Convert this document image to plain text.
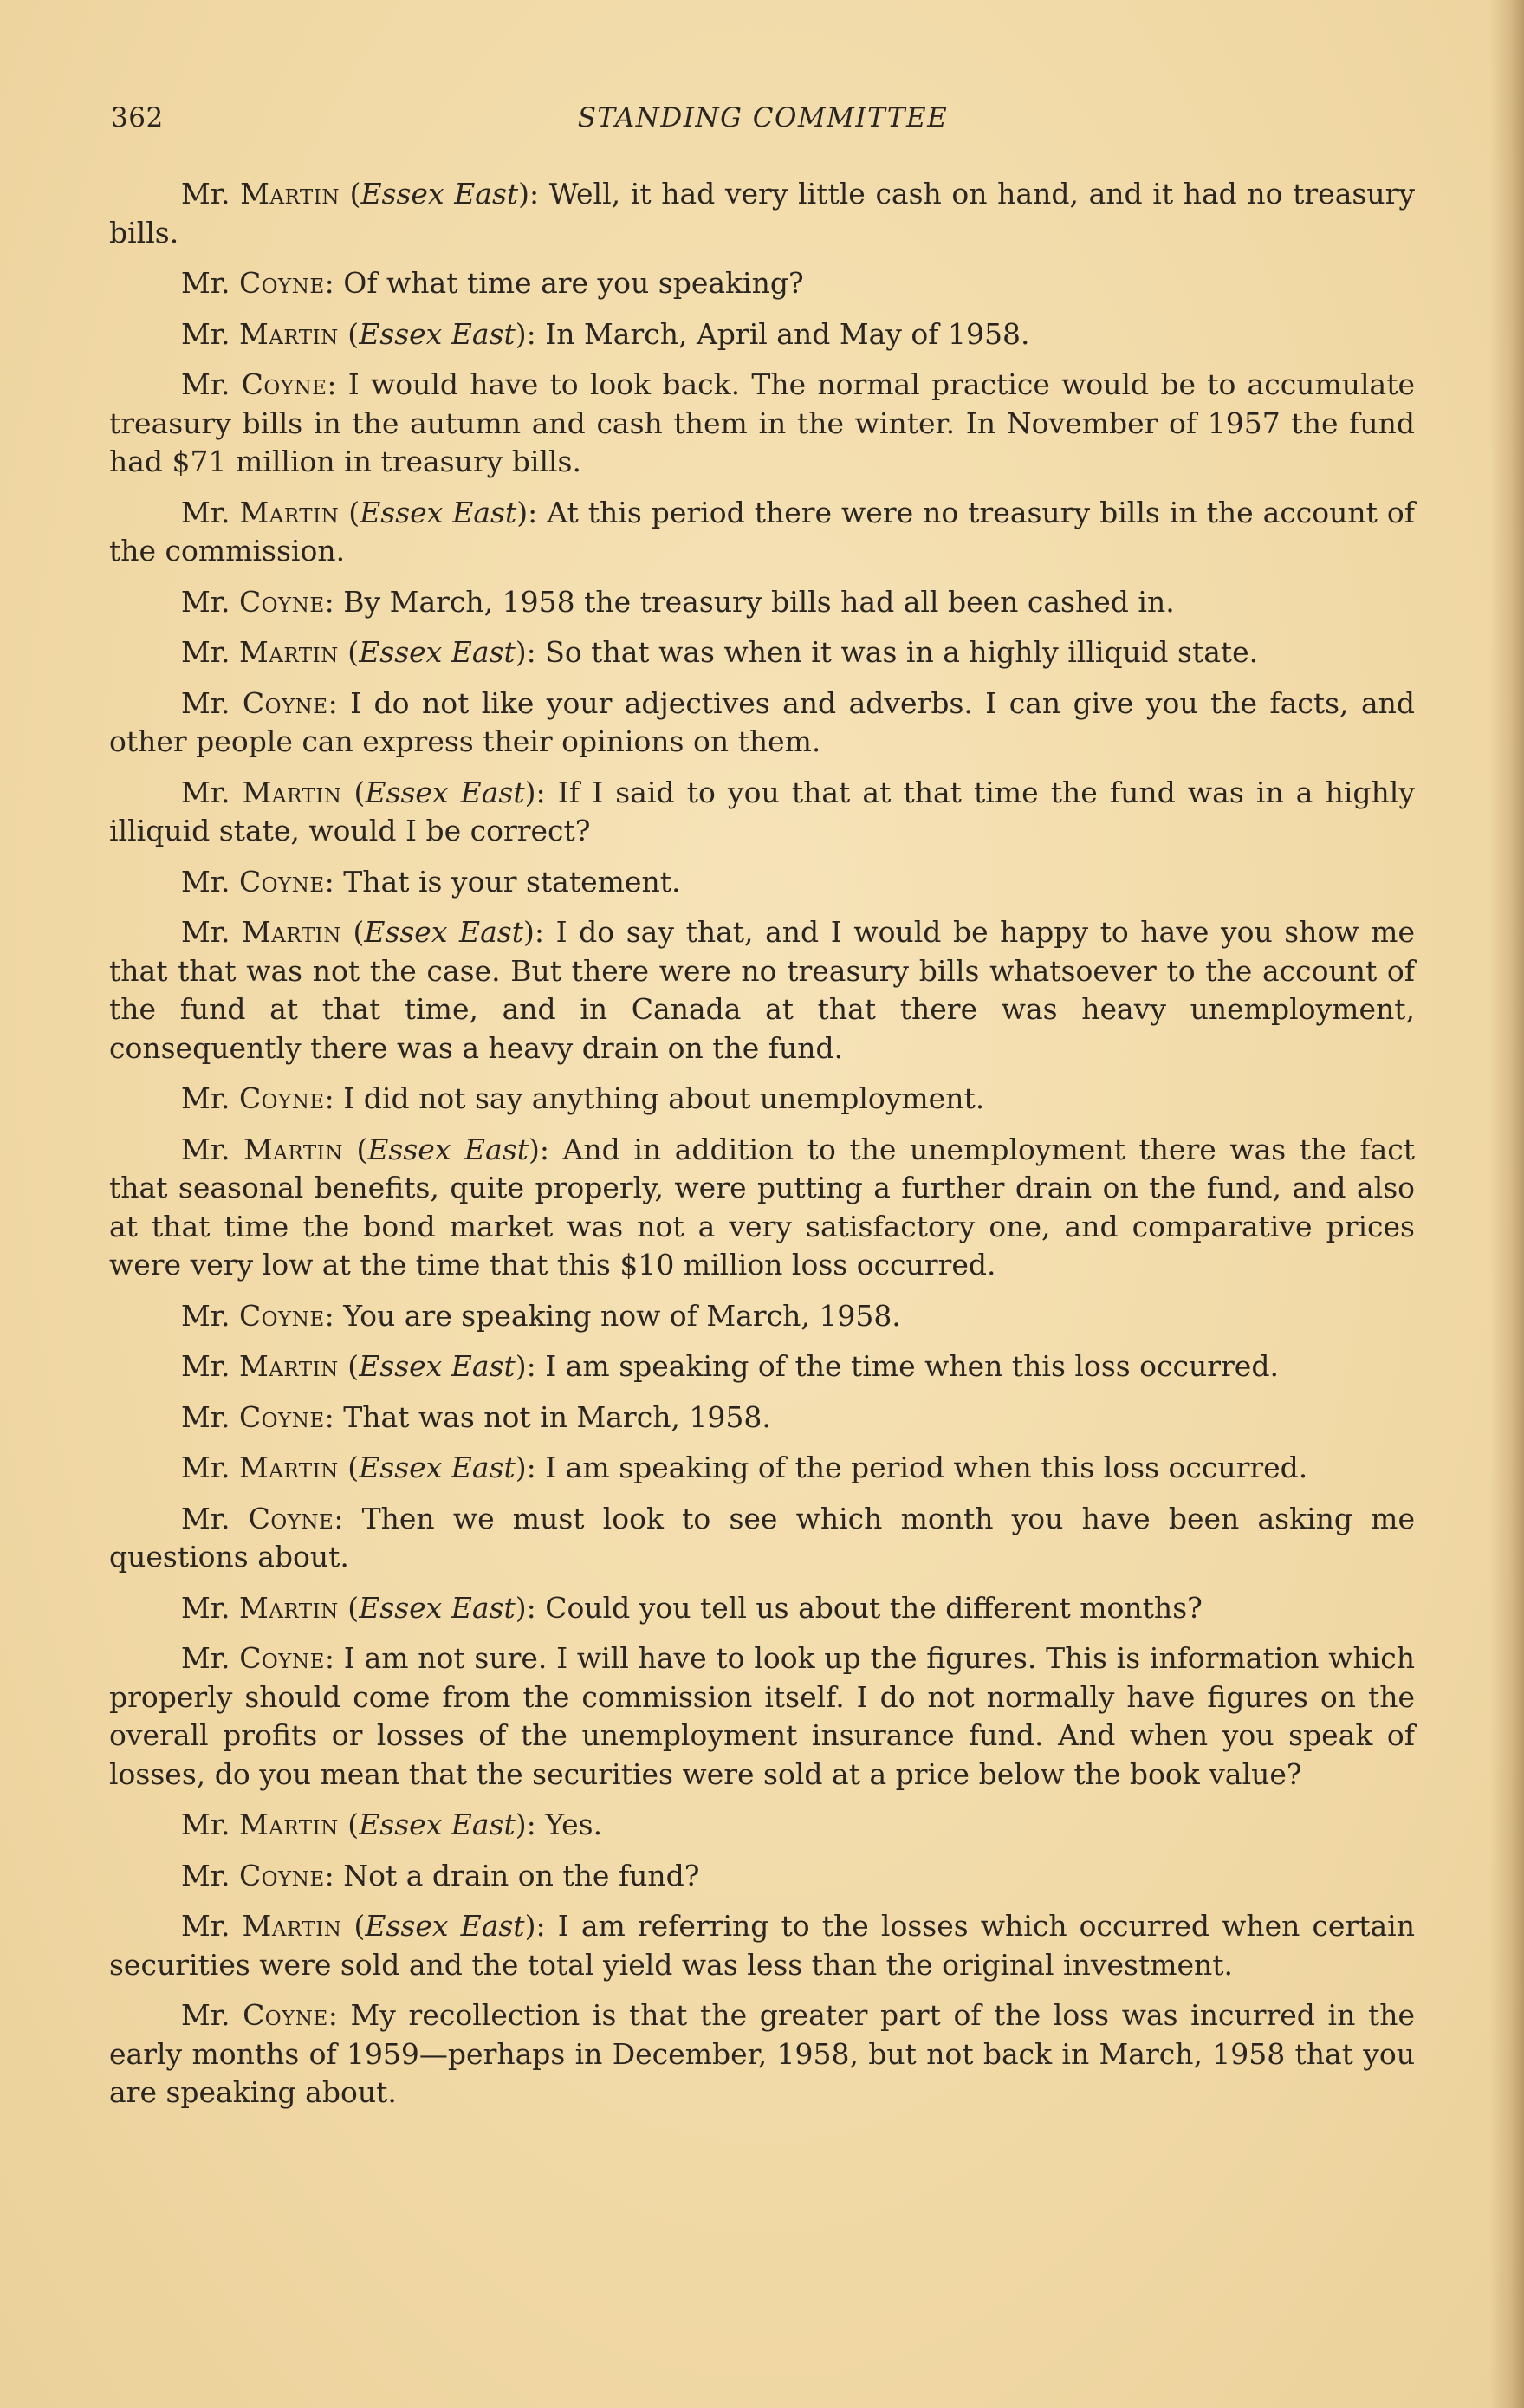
362	STANDING COMMITTEE

Mr. Martin (Essex East): Well, it had very little cash on hand, and it had no treasury bills.

Mr. Coyne: Of what time are you speaking?

Mr. Martin (Essex East): In March, April and May of 1958.

Mr. Coyne: I would have to look back. The normal practice would be to accumulate treasury bills in the autumn and cash them in the winter. In November of 1957 the fund had $71 million in treasury bills.

Mr. Martin (Essex East): At this period there were no treasury bills in the account of the commission.

Mr. Coyne: By March, 1958 the treasury bills had all been cashed in.

Mr. Martin (Essex East): So that was when it was in a highly illiquid state.

Mr. Coyne: I do not like your adjectives and adverbs. I can give you the facts, and other people can express their opinions on them.

Mr. Martin (Essex East): If I said to you that at that time the fund was in a highly illiquid state, would I be correct?

Mr. Coyne: That is your statement.

Mr. Martin (Essex East): I do say that, and I would be happy to have you show me that that was not the case. But there were no treasury bills whatsoever to the account of the fund at that time, and in Canada at that there was heavy unemployment, consequently there was a heavy drain on the fund.

Mr. Coyne: I did not say anything about unemployment.

Mr. Martin (Essex East): And in addition to the unemployment there was the fact that seasonal benefits, quite properly, were putting a further drain on the fund, and also at that time the bond market was not a very satisfactory one, and comparative prices were very low at the time that this $10 million loss occurred.

Mr. Coyne: You are speaking now of March, 1958.

Mr. Martin (Essex East): I am speaking of the time when this loss occurred.

Mr. Coyne: That was not in March, 1958.

Mr. Martin (Essex East): I am speaking of the period when this loss occurred.

Mr. Coyne: Then we must look to see which month you have been asking me questions about.

Mr. Martin (Essex East): Could you tell us about the different months?

Mr. Coyne: I am not sure. I will have to look up the figures. This is information which properly should come from the commission itself. I do not normally have figures on the overall profits or losses of the unemployment insurance fund. And when you speak of losses, do you mean that the securities were sold at a price below the book value?

Mr. Martin (Essex East): Yes.

Mr. Coyne: Not a drain on the fund?

Mr. Martin (Essex East): I am referring to the losses which occurred when certain securities were sold and the total yield was less than the original investment.

Mr. Coyne: My recollection is that the greater part of the loss was incurred in the early months of 1959—perhaps in December, 1958, but not back in March, 1958 that you are speaking about.
